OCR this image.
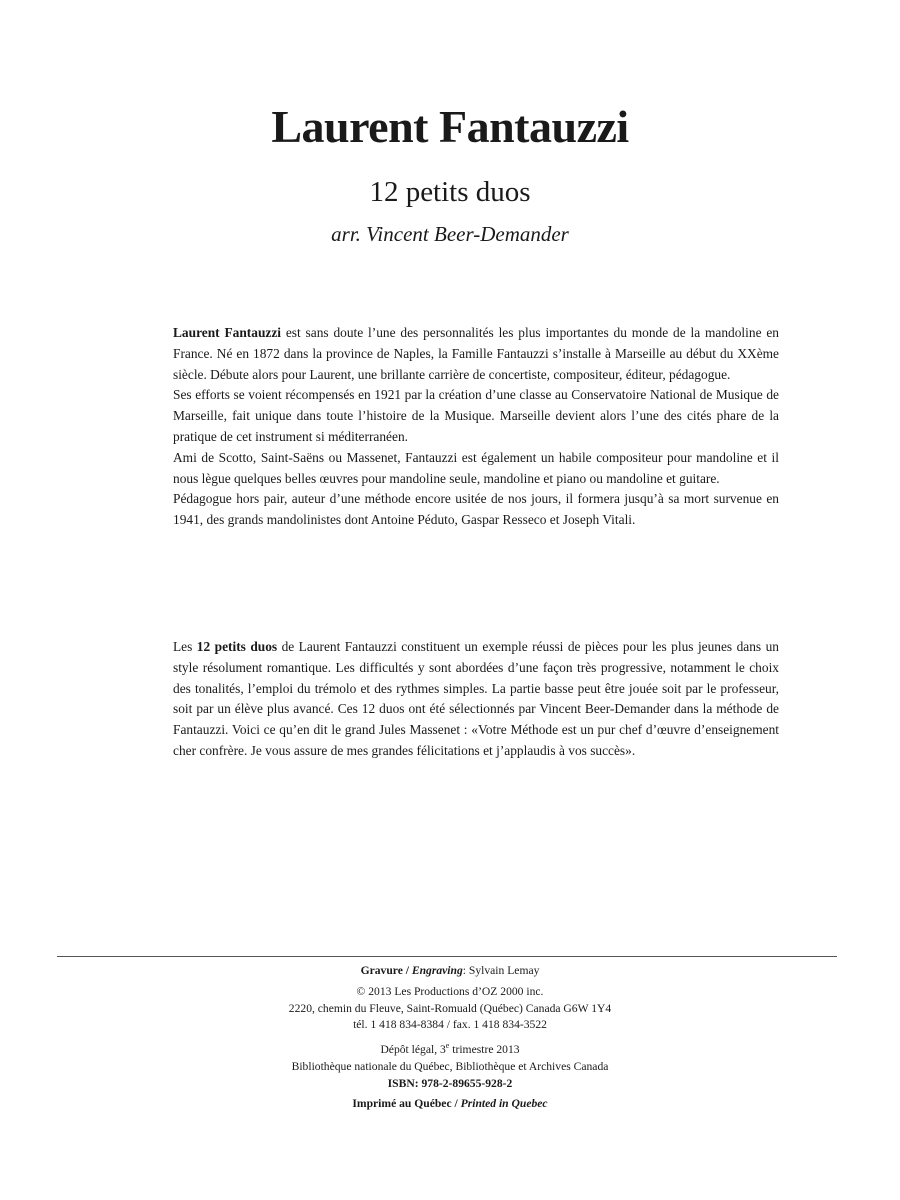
Laurent Fantauzzi
12 petits duos
arr. Vincent Beer-Demander

Laurent Fantauzzi est sans doute l’une des personnalités les plus importantes du monde de la mandoline en France. Né en 1872 dans la province de Naples, la Famille Fantauzzi s’installe à Marseille au début du XXème siècle. Débute alors pour Laurent, une brillante carrière de concertiste, compositeur, éditeur, pédagogue.

Ses efforts se voient récompensés en 1921 par la création d’une classe au Conservatoire National de Musique de Marseille, fait unique dans toute l’histoire de la Musique. Marseille devient alors l’une des cités phare de la pratique de cet instrument si méditerranéen.

Ami de Scotto, Saint-Saëns ou Massenet, Fantauzzi est également un habile compositeur pour mandoline et il nous lègue quelques belles œuvres pour mandoline seule, mandoline et piano ou mandoline et guitare.

Pédagogue hors pair, auteur d’une méthode encore usitée de nos jours, il formera jusqu’à sa mort survenue en 1941, des grands mandolinistes dont Antoine Péduto, Gaspar Resseco et Joseph Vitali.

Les 12 petits duos de Laurent Fantauzzi constituent un exemple réussi de pièces pour les plus jeunes dans un style résolument romantique. Les difficultés y sont abordées d’une façon très progressive, notamment le choix des tonalités, l’emploi du trémolo et des rythmes simples. La partie basse peut être jouée soit par le professeur, soit par un élève plus avancé. Ces 12 duos ont été sélectionnés par Vincent Beer-Demander dans la méthode de Fantauzzi. Voici ce qu’en dit le grand Jules Massenet : «Votre Méthode est un pur chef d’œuvre d’enseignement cher confrère. Je vous assure de mes grandes félicitations et j’applaudis à vos succès».

Gravure / Engraving: Sylvain Lemay
© 2013 Les Productions d’OZ 2000 inc.
2220, chemin du Fleuve, Saint-Romuald (Québec) Canada G6W 1Y4
tél. 1 418 834-8384 / fax. 1 418 834-3522
Dépôt légal, 3e trimestre 2013
Bibliothèque nationale du Québec, Bibliothèque et Archives Canada
ISBN: 978-2-89655-928-2
Imprimé au Québec / Printed in Quebec
